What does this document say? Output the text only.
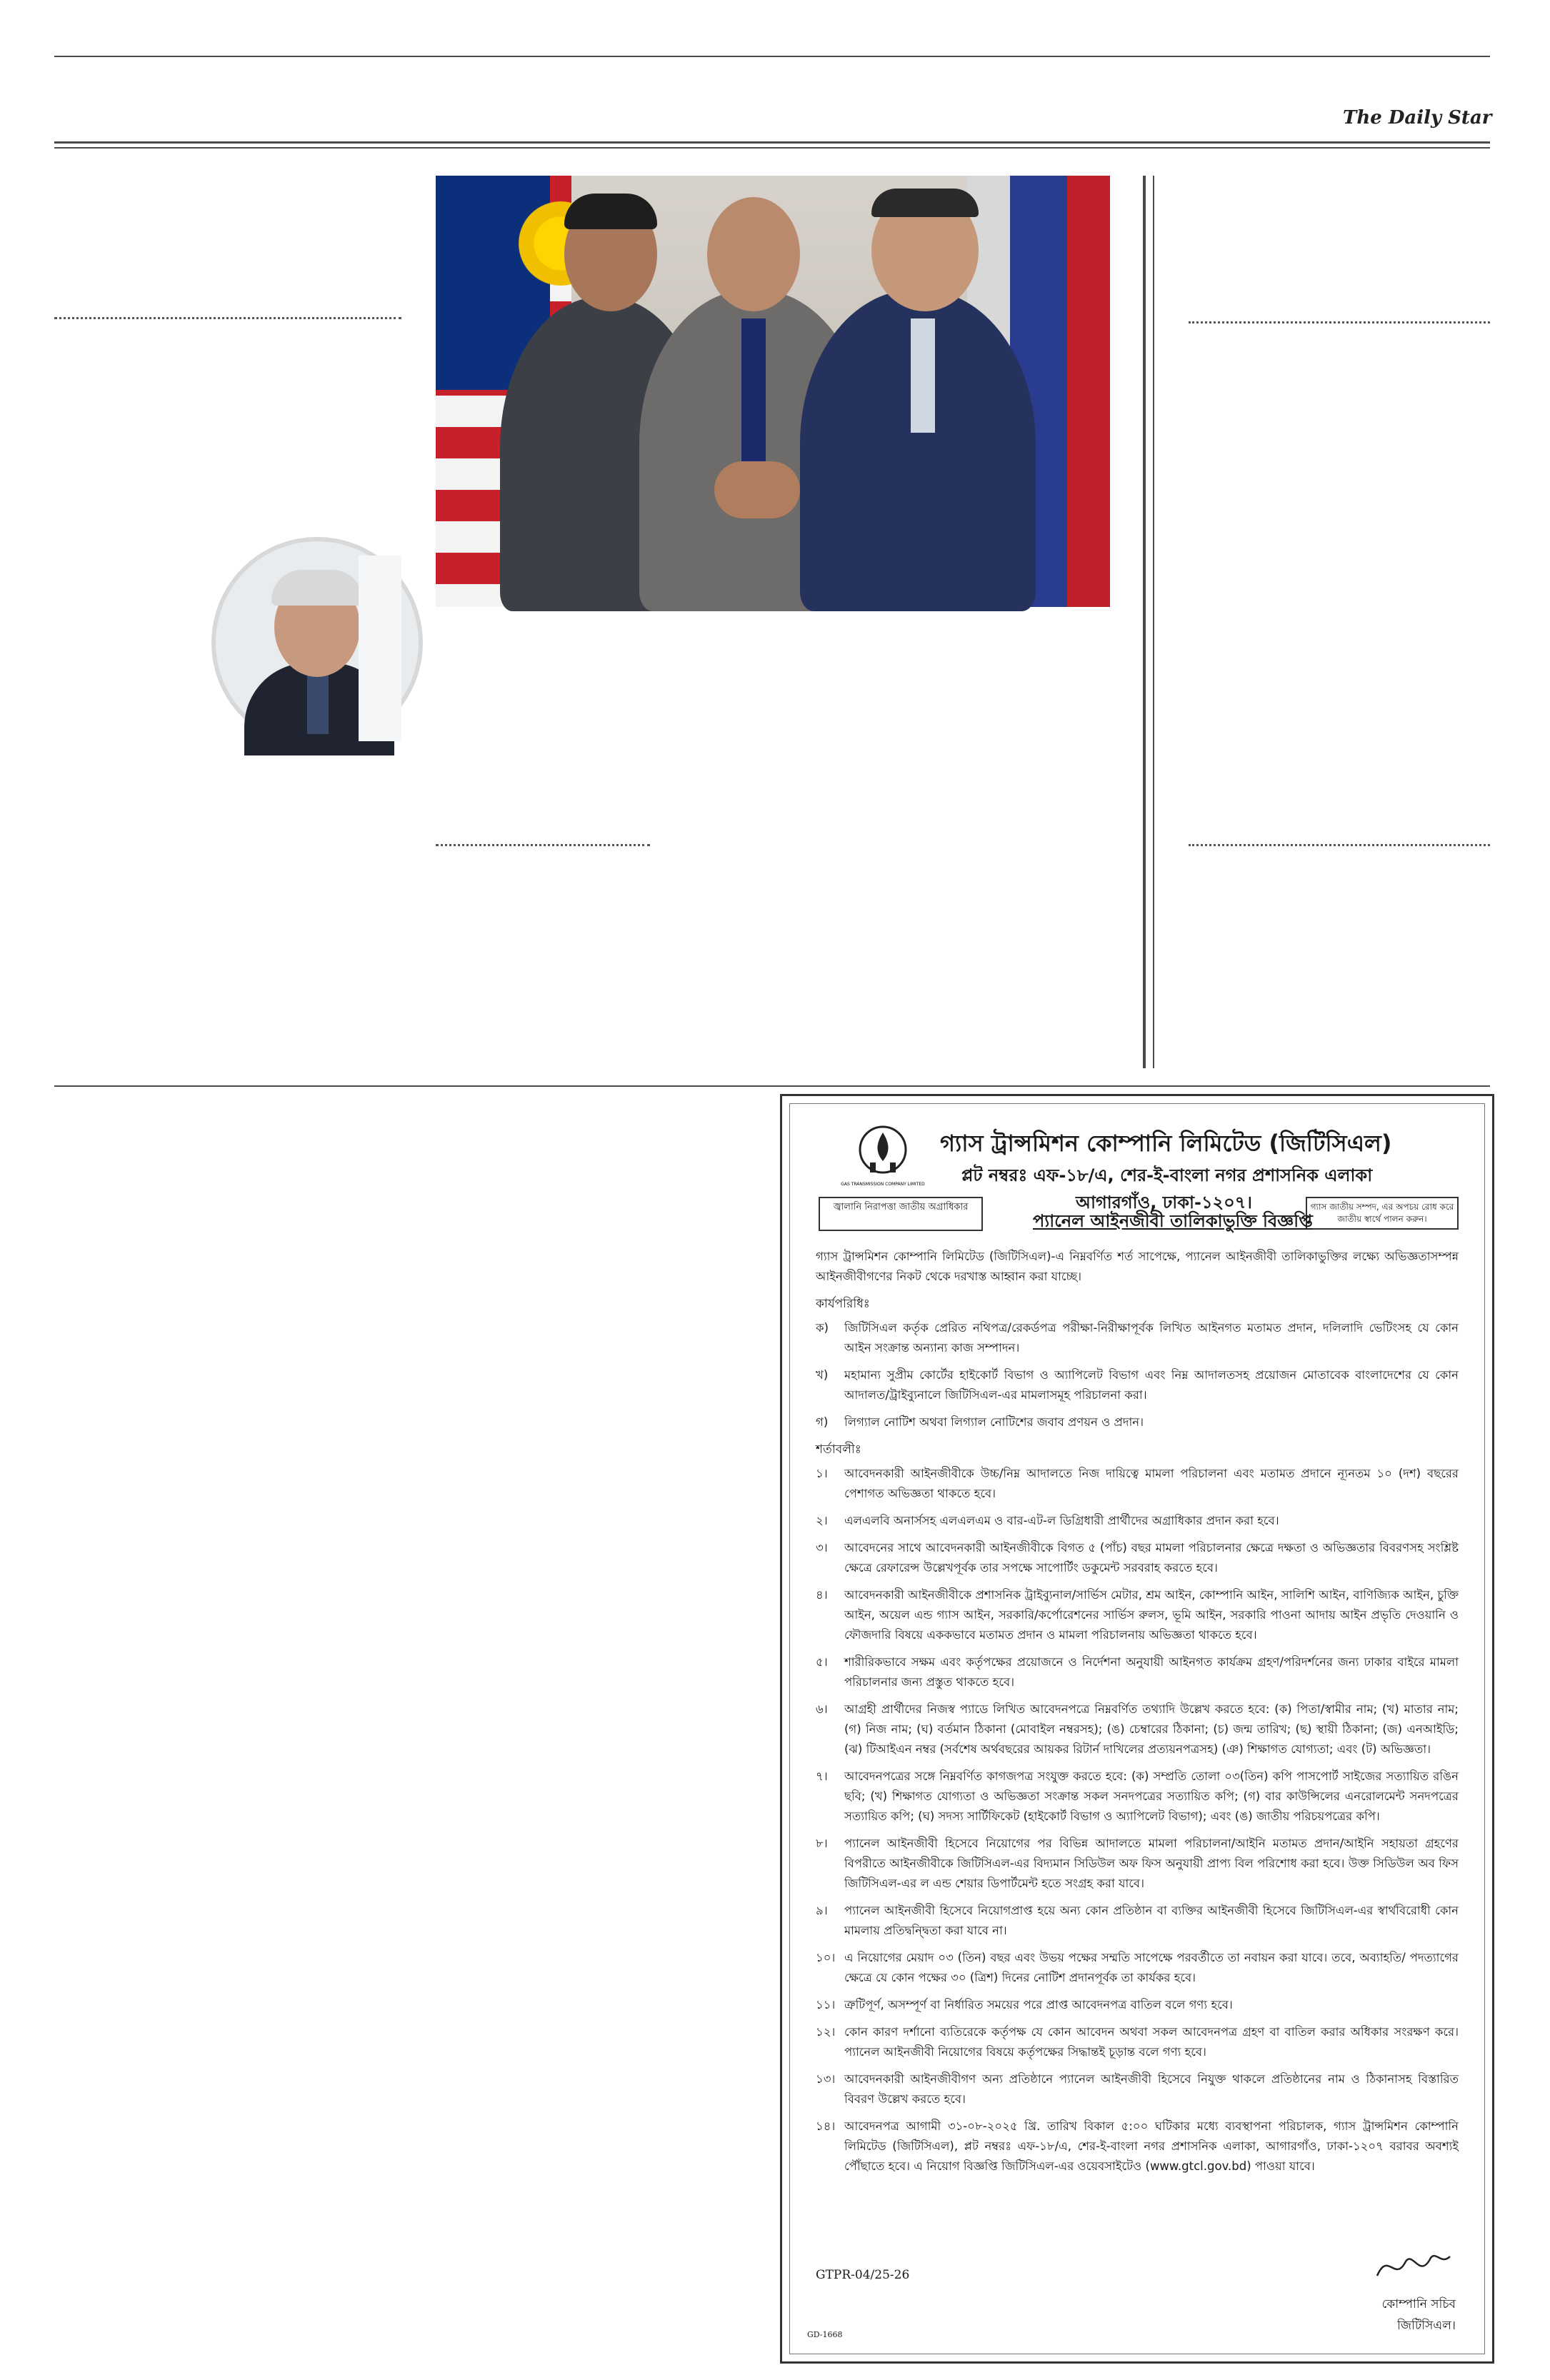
The Daily Star
GAS TRANSMISSION COMPANY LIMITED
গ্যাস ট্রান্সমিশন কোম্পানি লিমিটেড (জিটিসিএল)
প্লট নম্বরঃ এফ-১৮/এ, শের-ই-বাংলা নগর প্রশাসনিক এলাকা
আগারগাঁও, ঢাকা-১২০৭।
জ্বালানি নিরাপত্তা জাতীয় অগ্রাধিকার	গ্যাস জাতীয় সম্পদ, এর অপচয় রোধ করে জাতীয় স্বার্থে পালন করুন।
প্যানেল আইনজীবী তালিকাভুক্তি বিজ্ঞপ্তি

গ্যাস ট্রান্সমিশন কোম্পানি লিমিটেড (জিটিসিএল)-এ নিম্নবর্ণিত শর্ত সাপেক্ষে, প্যানেল আইনজীবী তালিকাভুক্তির লক্ষ্যে অভিজ্ঞতাসম্পন্ন আইনজীবীগণের নিকট থেকে দরখাস্ত আহ্বান করা যাচ্ছে।

কার্যপরিধিঃ
ক)	জিটিসিএল কর্তৃক প্রেরিত নথিপত্র/রেকর্ডপত্র পরীক্ষা-নিরীক্ষাপূর্বক লিখিত আইনগত মতামত প্রদান, দলিলাদি ভেটিংসহ যে কোন আইন সংক্রান্ত অন্যান্য কাজ সম্পাদন।
খ)	মহামান্য সুপ্রীম কোর্টের হাইকোর্ট বিভাগ ও অ্যাপিলেট বিভাগ এবং নিম্ন আদালতসহ প্রয়োজন মোতাবেক বাংলাদেশের যে কোন আদালত/ট্রাইব্যুনালে জিটিসিএল-এর মামলাসমূহ পরিচালনা করা।
গ)	লিগ্যাল নোটিশ অথবা লিগ্যাল নোটিশের জবাব প্রণয়ন ও প্রদান।
শর্তাবলীঃ
১।	আবেদনকারী আইনজীবীকে উচ্চ/নিম্ন আদালতে নিজ দায়িত্বে মামলা পরিচালনা এবং মতামত প্রদানে ন্যূনতম ১০ (দশ) বছরের পেশাগত অভিজ্ঞতা থাকতে হবে।
২।	এলএলবি অনার্সসহ এলএলএম ও বার-এট-ল ডিগ্রিধারী প্রার্থীদের অগ্রাধিকার প্রদান করা হবে।
৩।	আবেদনের সাথে আবেদনকারী আইনজীবীকে বিগত ৫ (পাঁচ) বছর মামলা পরিচালনার ক্ষেত্রে দক্ষতা ও অভিজ্ঞতার বিবরণসহ সংশ্লিষ্ট ক্ষেত্রে রেফারেন্স উল্লেখপূর্বক তার সপক্ষে সাপোর্টিং ডকুমেন্ট সরবরাহ করতে হবে।
৪।	আবেদনকারী আইনজীবীকে প্রশাসনিক ট্রাইব্যুনাল/সার্ভিস মেটার, শ্রম আইন, কোম্পানি আইন, সালিশি আইন, বাণিজ্যিক আইন, চুক্তি আইন, অয়েল এন্ড গ্যাস আইন, সরকারি/কর্পোরেশনের সার্ভিস রুলস, ভূমি আইন, সরকারি পাওনা আদায় আইন প্রভৃতি দেওয়ানি ও ফৌজদারি বিষয়ে এককভাবে মতামত প্রদান ও মামলা পরিচালনায় অভিজ্ঞতা থাকতে হবে।
৫।	শারীরিকভাবে সক্ষম এবং কর্তৃপক্ষের প্রয়োজনে ও নির্দেশনা অনুযায়ী আইনগত কার্যক্রম গ্রহণ/পরিদর্শনের জন্য ঢাকার বাইরে মামলা পরিচালনার জন্য প্রস্তুত থাকতে হবে।
৬।	আগ্রহী প্রার্থীদের নিজস্ব প্যাডে লিখিত আবেদনপত্রে নিম্নবর্ণিত তথ্যাদি উল্লেখ করতে হবে: (ক) পিতা/স্বামীর নাম; (খ) মাতার নাম; (গ) নিজ নাম; (ঘ) বর্তমান ঠিকানা (মোবাইল নম্বরসহ); (ঙ) চেম্বারের ঠিকানা; (চ) জন্ম তারিখ; (ছ) স্থায়ী ঠিকানা; (জ) এনআইডি; (ঝ) টিআইএন নম্বর (সর্বশেষ অর্থবছরের আয়কর রিটার্ন দাখিলের প্রত্যয়নপত্রসহ) (ঞ) শিক্ষাগত যোগ্যতা; এবং (ট) অভিজ্ঞতা।
৭।	আবেদনপত্রের সঙ্গে নিম্নবর্ণিত কাগজপত্র সংযুক্ত করতে হবে: (ক) সম্প্রতি তোলা ০৩(তিন) কপি পাসপোর্ট সাইজের সত্যায়িত রঙিন ছবি; (খ) শিক্ষাগত যোগ্যতা ও অভিজ্ঞতা সংক্রান্ত সকল সনদপত্রের সত্যায়িত কপি; (গ) বার কাউন্সিলের এনরোলমেন্ট সনদপত্রের সত্যায়িত কপি; (ঘ) সদস্য সার্টিফিকেট (হাইকোর্ট বিভাগ ও অ্যাপিলেট বিভাগ); এবং (ঙ) জাতীয় পরিচয়পত্রের কপি।
৮।	প্যানেল আইনজীবী হিসেবে নিয়োগের পর বিভিন্ন আদালতে মামলা পরিচালনা/আইনি মতামত প্রদান/আইনি সহায়তা গ্রহণের বিপরীতে আইনজীবীকে জিটিসিএল-এর বিদ্যমান সিডিউল অফ ফিস অনুযায়ী প্রাপ্য বিল পরিশোধ করা হবে। উক্ত সিডিউল অব ফিস জিটিসিএল-এর ল এন্ড শেয়ার ডিপার্টমেন্ট হতে সংগ্রহ করা যাবে।
৯।	প্যানেল আইনজীবী হিসেবে নিয়োগপ্রাপ্ত হয়ে অন্য কোন প্রতিষ্ঠান বা ব্যক্তির আইনজীবী হিসেবে জিটিসিএল-এর স্বার্থবিরোধী কোন মামলায় প্রতিদ্বন্দ্বিতা করা যাবে না।
১০। এ নিয়োগের মেয়াদ ০৩ (তিন) বছর এবং উভয় পক্ষের সম্মতি সাপেক্ষে পরবর্তীতে তা নবায়ন করা যাবে। তবে, অব্যাহতি/ পদত্যাগের ক্ষেত্রে যে কোন পক্ষের ৩০ (ত্রিশ) দিনের নোটিশ প্রদানপূর্বক তা কার্যকর হবে।
১১। ত্রুটিপূর্ণ, অসম্পূর্ণ বা নির্ধারিত সময়ের পরে প্রাপ্ত আবেদনপত্র বাতিল বলে গণ্য হবে।
১২। কোন কারণ দর্শানো ব্যতিরেকে কর্তৃপক্ষ যে কোন আবেদন অথবা সকল আবেদনপত্র গ্রহণ বা বাতিল করার অধিকার সংরক্ষণ করে। প্যানেল আইনজীবী নিয়োগের বিষয়ে কর্তৃপক্ষের সিদ্ধান্তই চূড়ান্ত বলে গণ্য হবে।
১৩। আবেদনকারী আইনজীবীগণ অন্য প্রতিষ্ঠানে প্যানেল আইনজীবী হিসেবে নিযুক্ত থাকলে প্রতিষ্ঠানের নাম ও ঠিকানাসহ বিস্তারিত বিবরণ উল্লেখ করতে হবে।
১৪। আবেদনপত্র আগামী ৩১-০৮-২০২৫ খ্রি. তারিখ বিকাল ৫:০০ ঘটিকার মধ্যে ব্যবস্থাপনা পরিচালক, গ্যাস ট্রান্সমিশন কোম্পানি লিমিটেড (জিটিসিএল), প্লট নম্বরঃ এফ-১৮/এ, শের-ই-বাংলা নগর প্রশাসনিক এলাকা, আগারগাঁও, ঢাকা-১২০৭ বরাবর অবশ্যই পৌঁছাতে হবে। এ নিয়োগ বিজ্ঞপ্তি জিটিসিএল-এর ওয়েবসাইটেও (www.gtcl.gov.bd) পাওয়া যাবে।
GTPR-04/25-26
GD-1668
কোম্পানি সচিব
জিটিসিএল।
